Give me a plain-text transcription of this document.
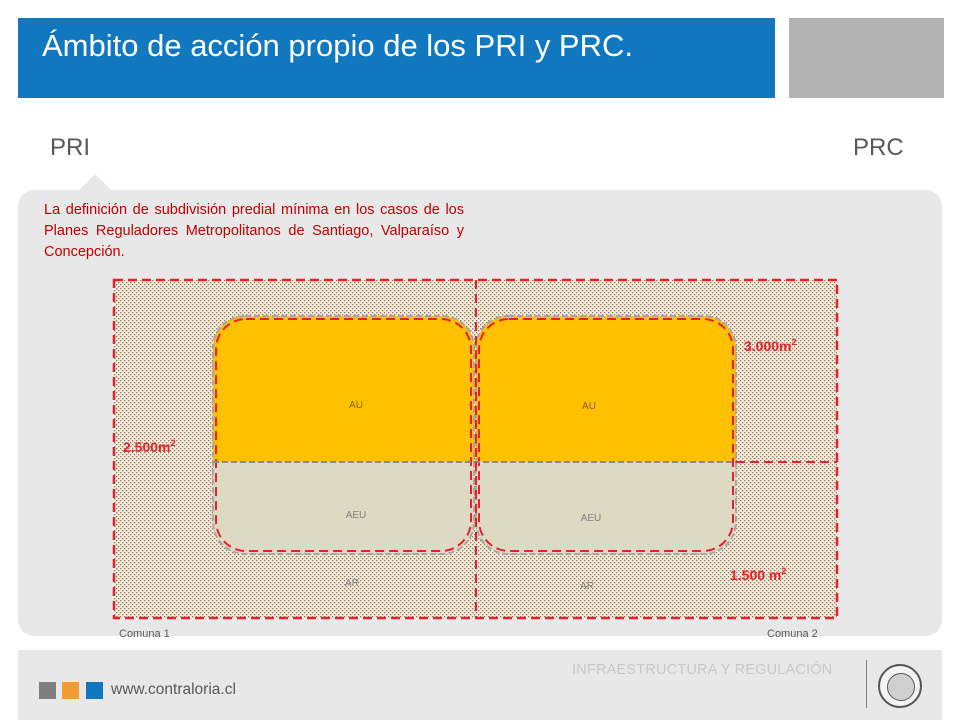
Ámbito de acción propio de los PRI y PRC.
PRI	PRC
La definición de subdivisión predial mínima en los casos de los Planes Reguladores Metropolitanos de Santiago, Valparaíso y Concepción.
AU	AU
AEU	AEU
AR	AR
$2.500m^2$
$3.000m^2$
1.500 $m^2$
Comuna 1	Comuna 2
INFRAESTRUCTURA Y REGULACIÓN
www.contraloria.cl
